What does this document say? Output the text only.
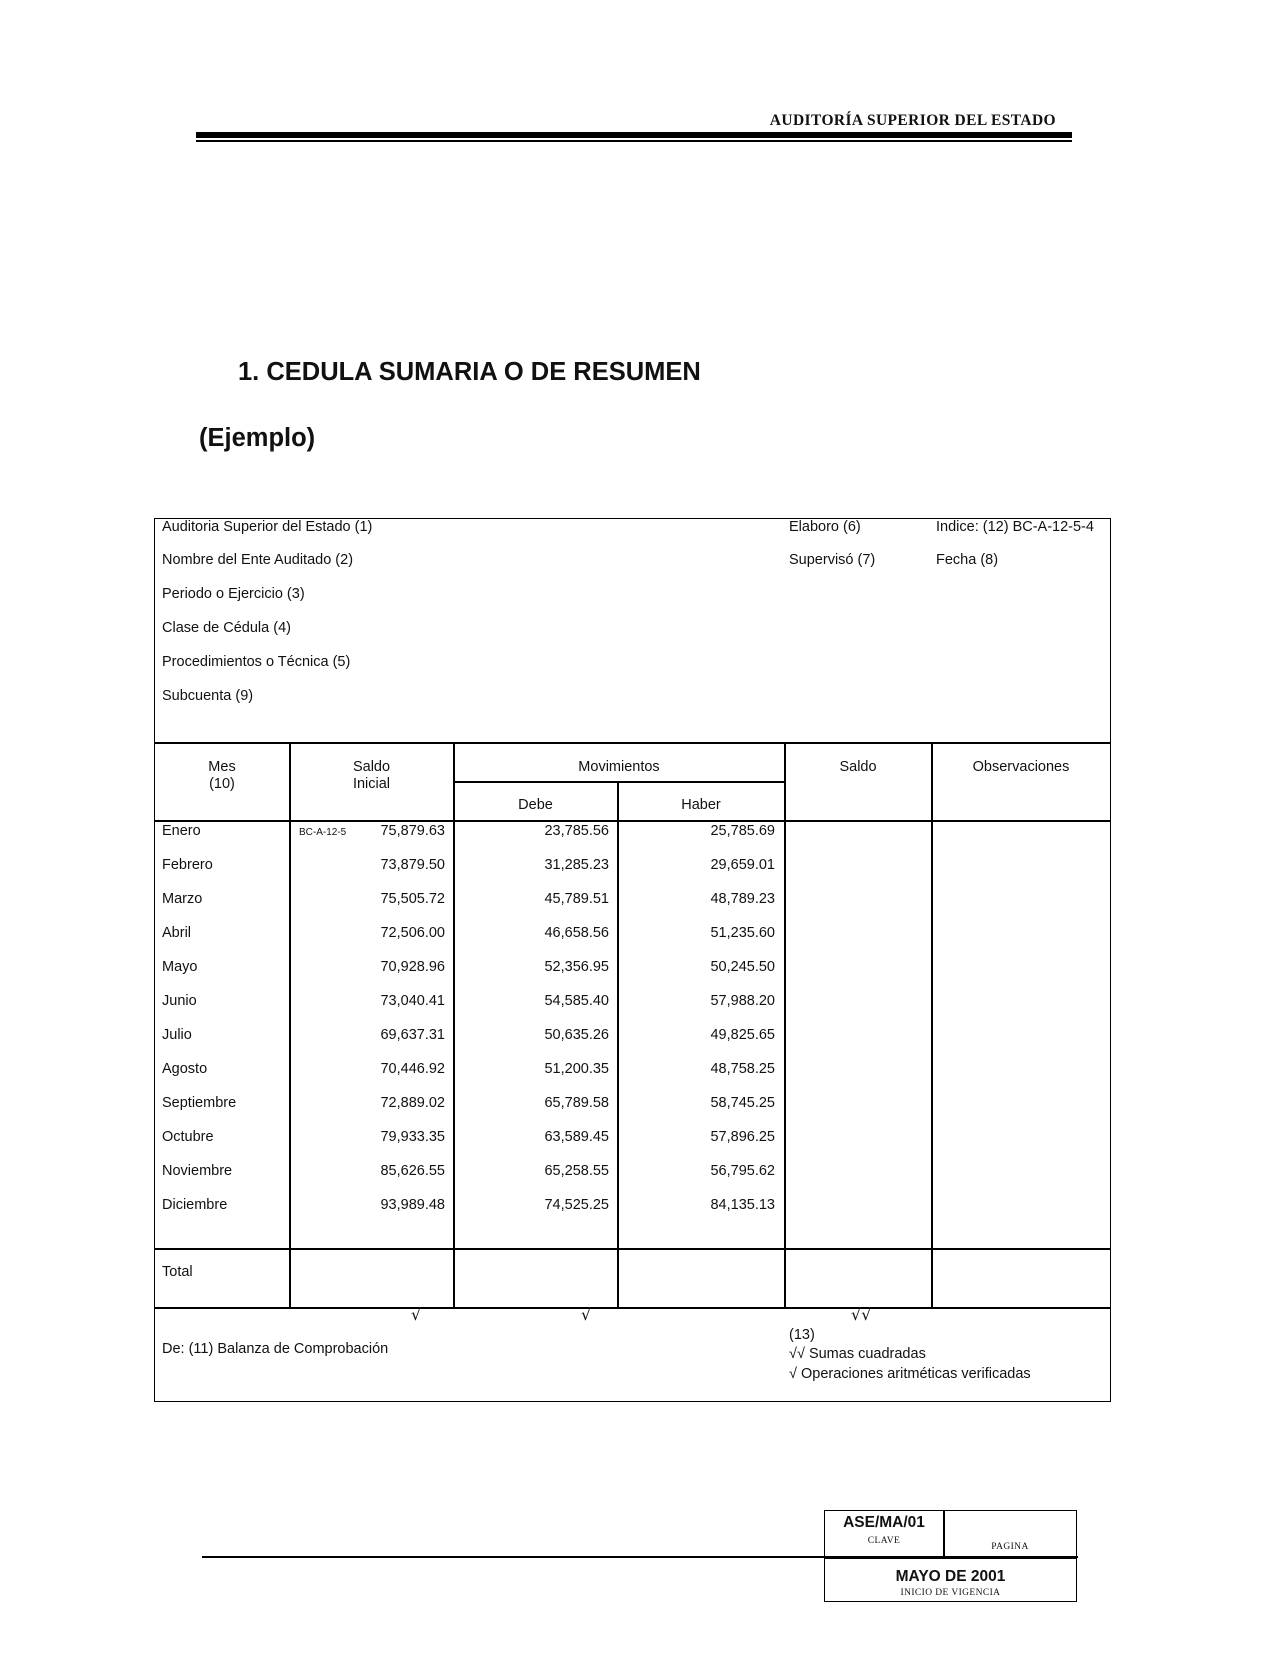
AUDITORÍA SUPERIOR DEL ESTADO
1. CEDULA SUMARIA O DE RESUMEN
(Ejemplo)
Auditoria Superior del Estado (1)
Nombre del Ente Auditado (2)
Periodo o Ejercicio (3)
Clase de Cédula (4)
Procedimientos o Técnica (5)
Subcuenta (9)
Elaboro (6)	Indice: (12) BC-A-12-5-4
Supervisó (7)	Fecha (8)
Mes
(10)
Saldo
Inicial
Movimientos
Debe	Haber
Saldo	Observaciones
BC-A-12-5
Enero	75,879.63	23,785.56	25,785.69
Febrero	73,879.50	31,285.23	29,659.01
Marzo	75,505.72	45,789.51	48,789.23
Abril	72,506.00	46,658.56	51,235.60
Mayo	70,928.96	52,356.95	50,245.50
Junio	73,040.41	54,585.40	57,988.20
Julio	69,637.31	50,635.26	49,825.65
Agosto	70,446.92	51,200.35	48,758.25
Septiembre	72,889.02	65,789.58	58,745.25
Octubre	79,933.35	63,589.45	57,896.25
Noviembre	85,626.55	65,258.55	56,795.62
Diciembre	93,989.48	74,525.25	84,135.13
Total
√	√	√√
De: (11) Balanza de Comprobación
(13)
√√ Sumas cuadradas
√ Operaciones aritméticas verificadas
ASE/MA/01
CLAVE
PAGINA
MAYO DE 2001
INICIO DE VIGENCIA
